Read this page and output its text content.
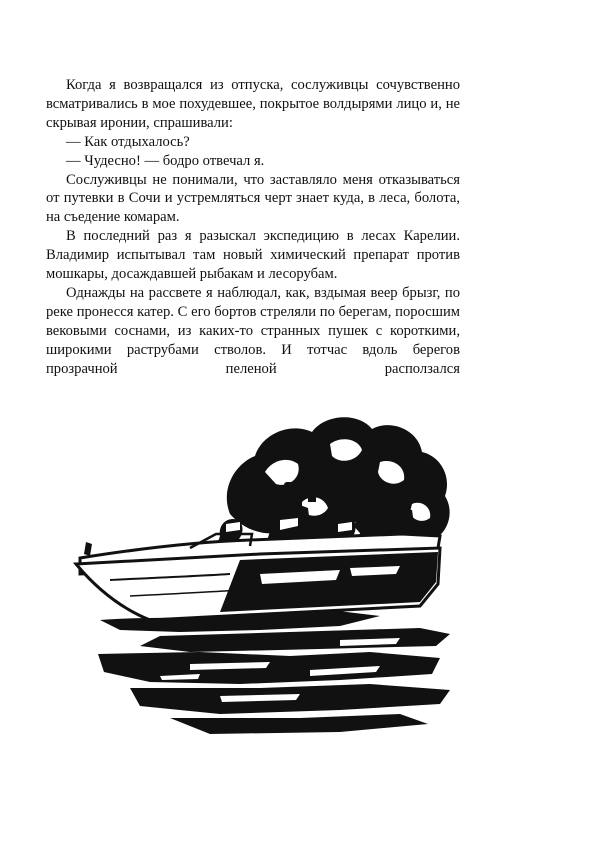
Когда я возвращался из отпуска, сослуживцы сочувственно всматривались в мое похудевшее, покрытое волдырями лицо и, не скрывая иронии, спрашивали:

— Как отдыхалось?

— Чудесно! — бодро отвечал я.

Сослуживцы не понимали, что заставляло меня отказываться от путевки в Сочи и устремляться черт знает куда, в леса, болота, на съедение комарам.

В последний раз я разыскал экспедицию в лесах Карелии. Владимир испытывал там новый химический препарат против мошкары, досаждавшей рыбакам и лесорубам.

Однажды на рассвете я наблюдал, как, вздымая веер брызг, по реке пронесся катер. С его бортов стреляли по берегам, поросшим вековыми соснами, из каких-то странных пушек с короткими, широкими раструбами стволов. И тотчас вдоль берегов прозрачной пеленой расползался
